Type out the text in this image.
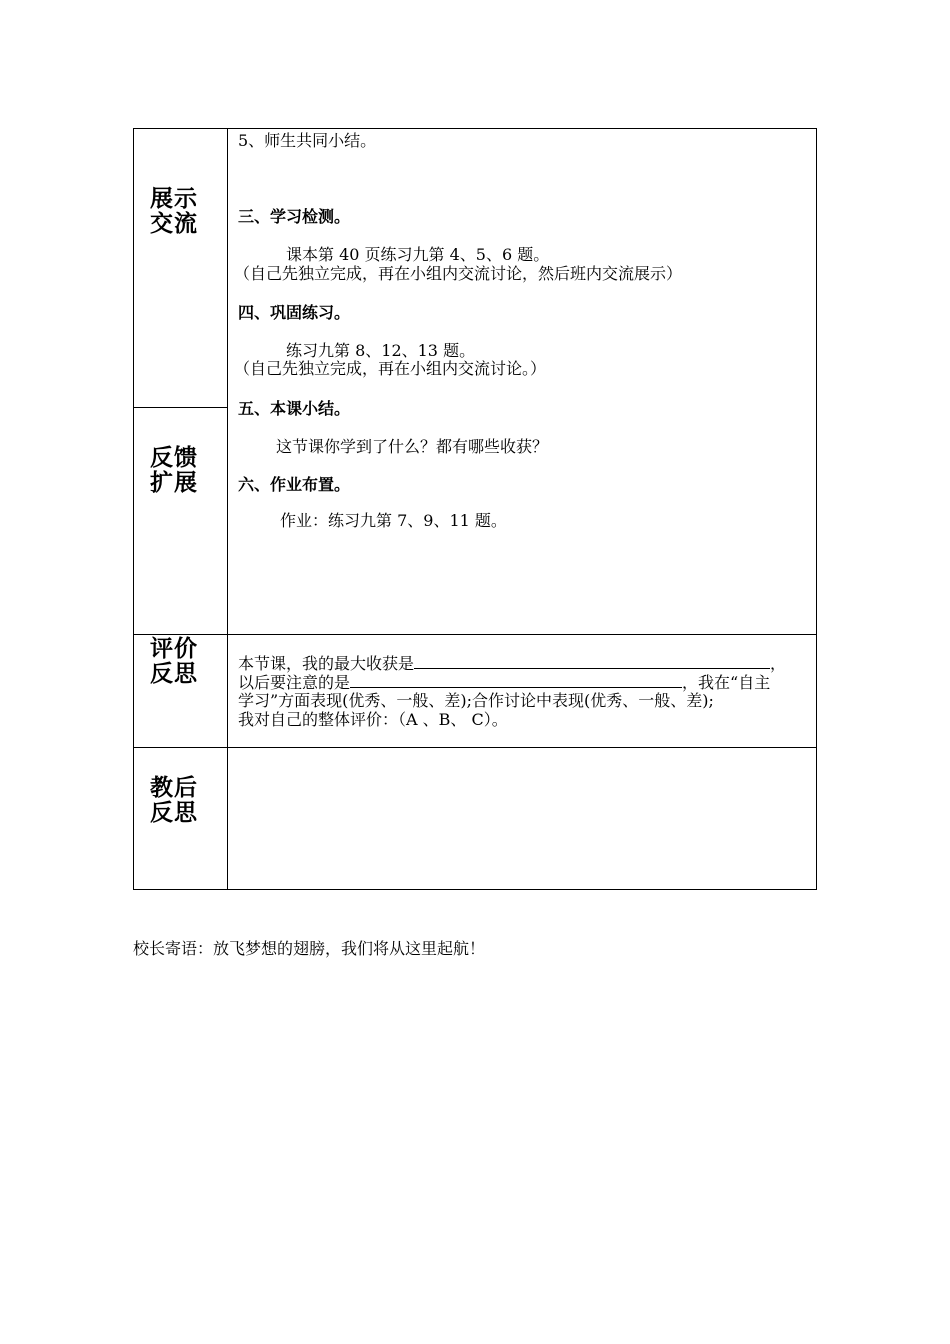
展示
交流
反馈
扩展
评价
反思
教后
反思
5、师生共同小结。
三、学习检测。
课本第 40 页练习九第 4、5、6 题。
（自己先独立完成，再在小组内交流讨论，然后班内交流展示）
四、巩固练习。
练习九第 8、12、13 题。
（自己先独立完成，再在小组内交流讨论。）
五、本课小结。
这节课你学到了什么？都有哪些收获？
六、作业布置。
作业：练习九第 7、9、11 题。
本节课，我的最大收获是	，
以后要注意的是	，我在“自主
学习”方面表现(优秀、一般、差);合作讨论中表现(优秀、一般、差);
我对自己的整体评价：（A 、B、 C）。
校长寄语：放飞梦想的翅膀，我们将从这里起航！
